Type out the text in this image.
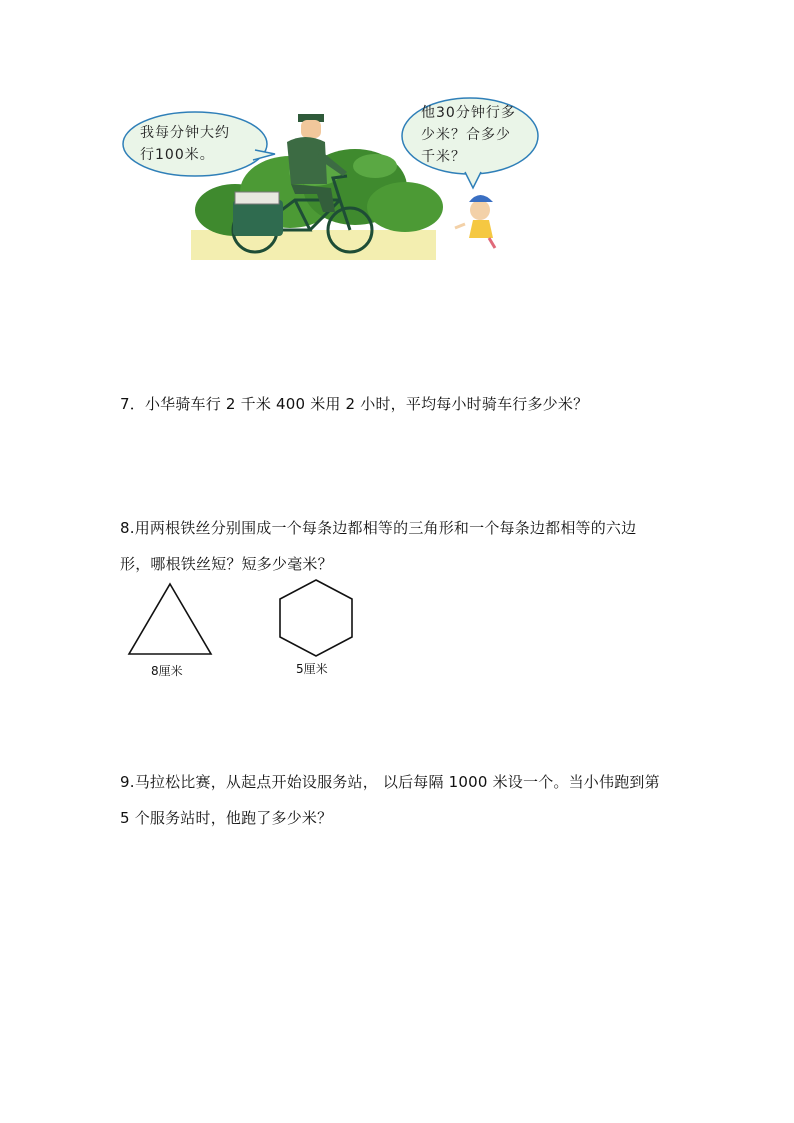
我每分钟大约
行100米。
他30分钟行多
少米？合多少
千米？
7．小华骑车行 2 千米 400 米用 2 小时，平均每小时骑车行多少米？
8.用两根铁丝分别围成一个每条边都相等的三角形和一个每条边都相等的六边
形，哪根铁丝短？短多少毫米？
8厘米	5厘米
9.马拉松比赛，从起点开始设服务站， 以后每隔 1000 米设一个。当小伟跑到第
5 个服务站时，他跑了多少米？
